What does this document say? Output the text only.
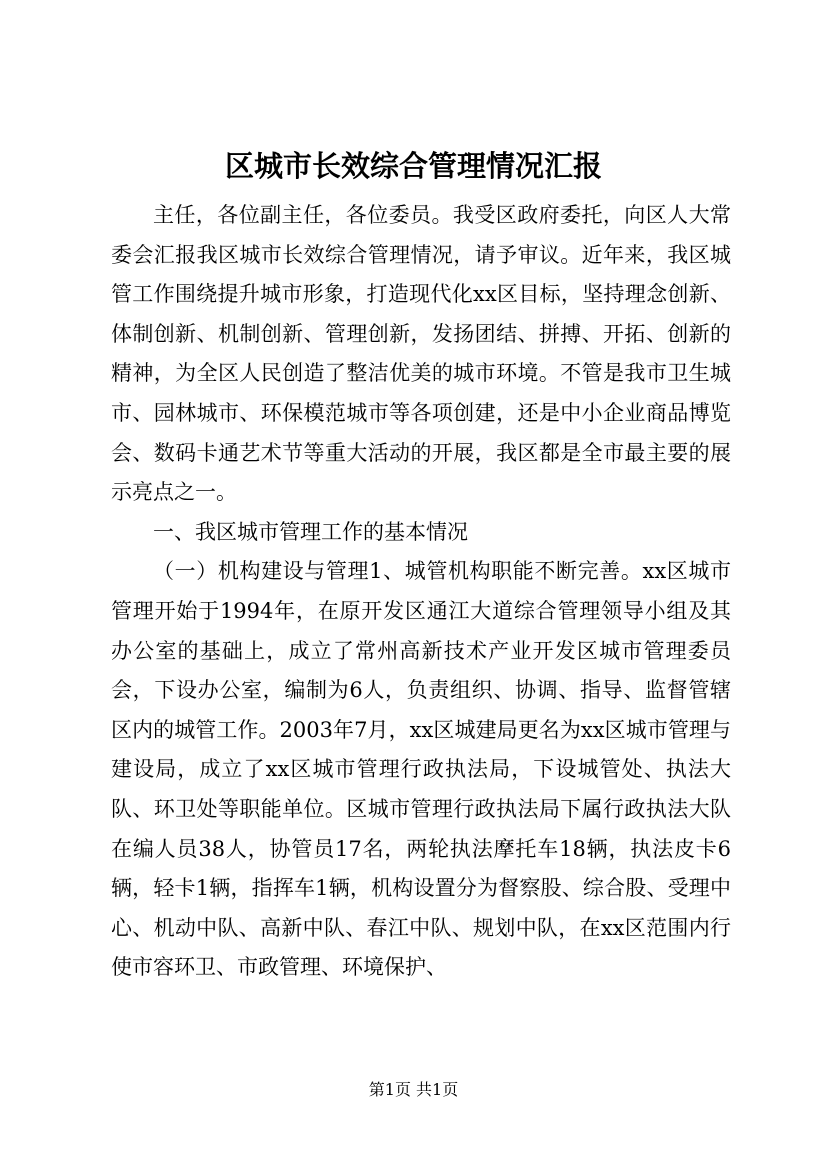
区城市长效综合管理情况汇报

主任，各位副主任，各位委员。我受区政府委托，向区人大常委会汇报我区城市长效综合管理情况，请予审议。近年来，我区城管工作围绕提升城市形象，打造现代化xx区目标，坚持理念创新、体制创新、机制创新、管理创新，发扬团结、拼搏、开拓、创新的精神，为全区人民创造了整洁优美的城市环境。不管是我市卫生城市、园林城市、环保模范城市等各项创建，还是中小企业商品博览会、数码卡通艺术节等重大活动的开展，我区都是全市最主要的展示亮点之一。

一、我区城市管理工作的基本情况

（一）机构建设与管理1、城管机构职能不断完善。xx区城市管理开始于1994年，在原开发区通江大道综合管理领导小组及其办公室的基础上，成立了常州高新技术产业开发区城市管理委员会，下设办公室，编制为6人，负责组织、协调、指导、监督管辖区内的城管工作。2003年7月，xx区城建局更名为xx区城市管理与建设局，成立了xx区城市管理行政执法局，下设城管处、执法大队、环卫处等职能单位。区城市管理行政执法局下属行政执法大队在编人员38人，协管员17名，两轮执法摩托车18辆，执法皮卡6辆，轻卡1辆，指挥车1辆，机构设置分为督察股、综合股、受理中心、机动中队、高新中队、春江中队、规划中队，在xx区范围内行使市容环卫、市政管理、环境保护、

第1页 共1页
